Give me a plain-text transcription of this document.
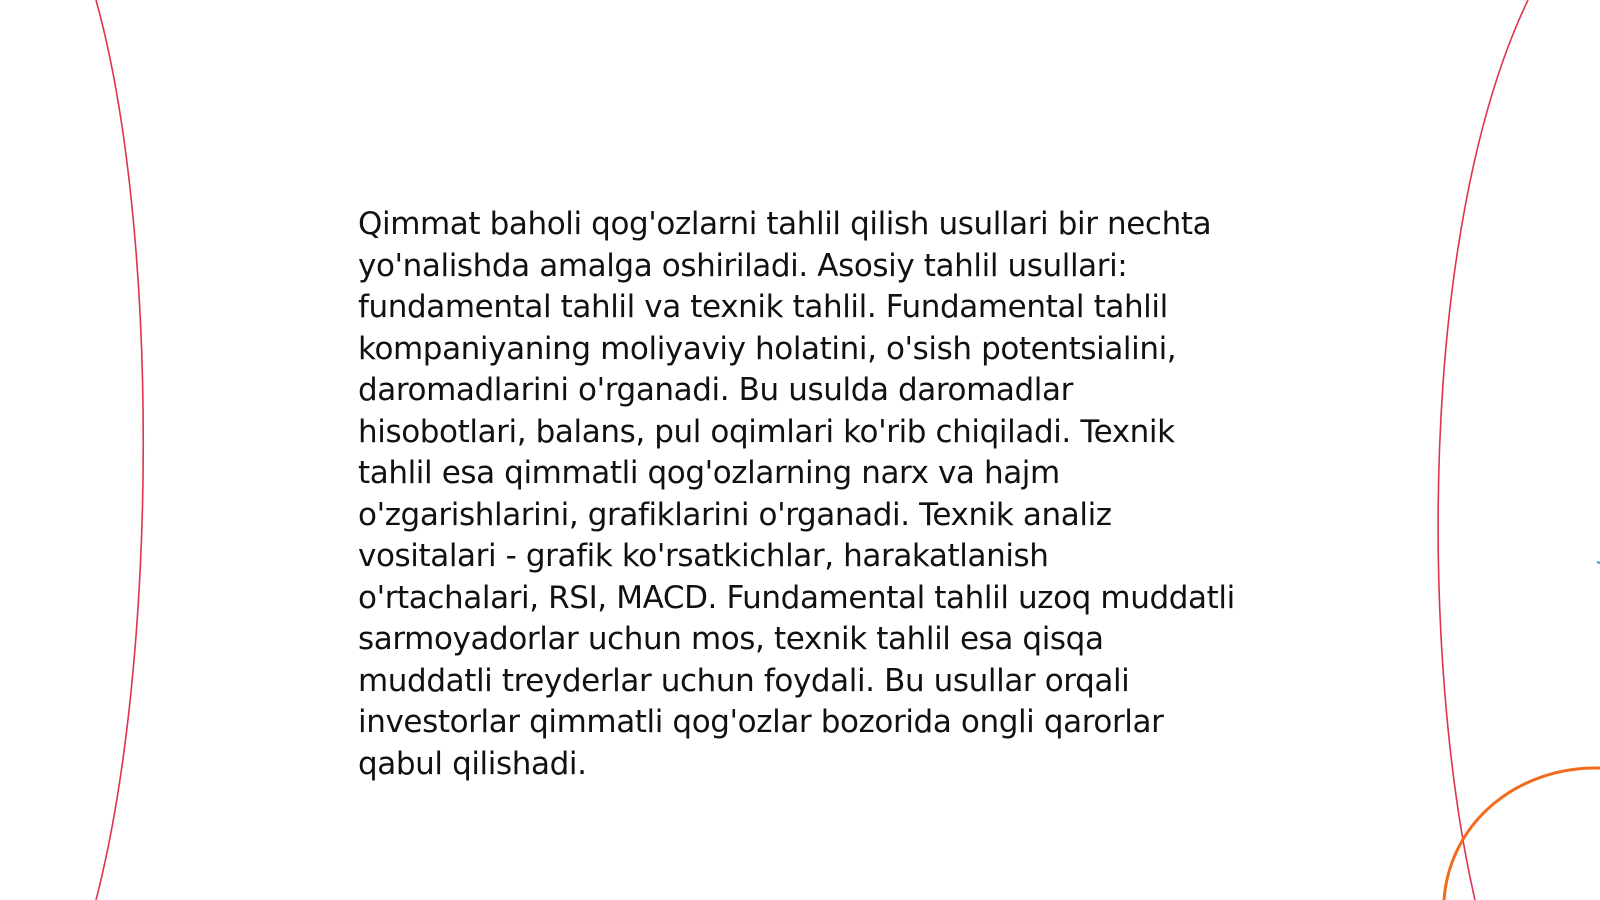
Qimmat baholi qog'ozlarni tahlil qilish usullari bir nechta yo'nalishda amalga oshiriladi. Asosiy tahlil usullari: fundamental tahlil va texnik tahlil. Fundamental tahlil kompaniyaning moliyaviy holatini, o'sish potentsialini, daromadlarini o'rganadi. Bu usulda daromadlar hisobotlari, balans, pul oqimlari ko'rib chiqiladi. Texnik tahlil esa qimmatli qog'ozlarning narx va hajm o'zgarishlarini, grafiklarini o'rganadi. Texnik analiz vositalari - grafik ko'rsatkichlar, harakatlanish o'rtachalari, RSI, MACD. Fundamental tahlil uzoq muddatli sarmoyadorlar uchun mos, texnik tahlil esa qisqa muddatli treyderlar uchun foydali. Bu usullar orqali investorlar qimmatli qog'ozlar bozorida ongli qarorlar qabul qilishadi.
